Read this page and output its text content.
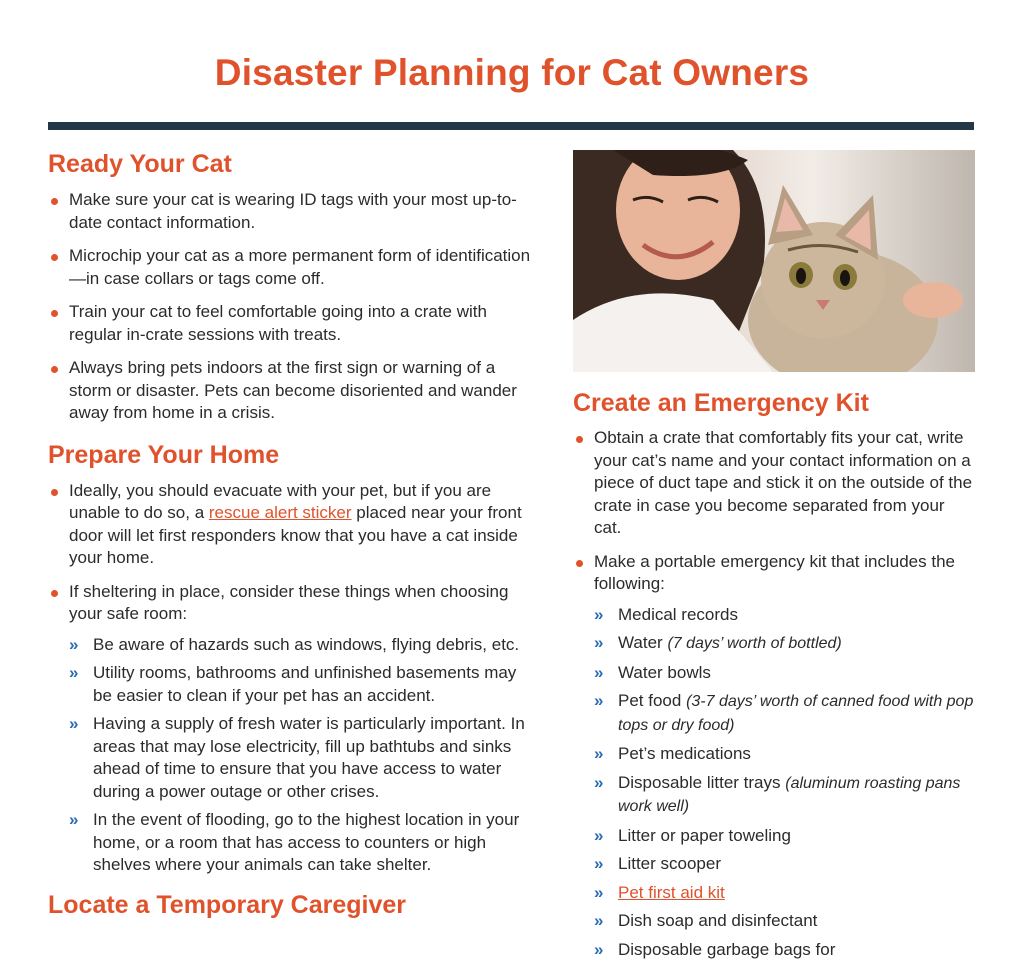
Disaster Planning for Cat Owners
Ready Your Cat
Make sure your cat is wearing ID tags with your most up-to-date contact information.
Microchip your cat as a more permanent form of identification—in case collars or tags come off.
Train your cat to feel comfortable going into a crate with regular in-crate sessions with treats.
Always bring pets indoors at the first sign or warning of a storm or disaster. Pets can become disoriented and wander away from home in a crisis.
Prepare Your Home
Ideally, you should evacuate with your pet, but if you are unable to do so, a rescue alert sticker placed near your front door will let first responders know that you have a cat inside your home.
If sheltering in place, consider these things when choosing your safe room:
» Be aware of hazards such as windows, flying debris, etc.
» Utility rooms, bathrooms and unfinished basements may be easier to clean if your pet has an accident.
» Having a supply of fresh water is particularly important. In areas that may lose electricity, fill up bathtubs and sinks ahead of time to ensure that you have access to water during a power outage or other crises.
» In the event of flooding, go to the highest location in your home, or a room that has access to counters or high shelves where your animals can take shelter.
Locate a Temporary Caregiver
Create an Emergency Kit
Obtain a crate that comfortably fits your cat, write your cat’s name and your contact information on a piece of duct tape and stick it on the outside of the crate in case you become separated from your cat.
Make a portable emergency kit that includes the following:
» Medical records
» Water (7 days’ worth of bottled)
» Water bowls
» Pet food (3-7 days’ worth of canned food with pop tops or dry food)
» Pet’s medications
» Disposable litter trays (aluminum roasting pans work well)
» Litter or paper toweling
» Litter scooper
» Pet first aid kit
» Dish soap and disinfectant
» Disposable garbage bags for
